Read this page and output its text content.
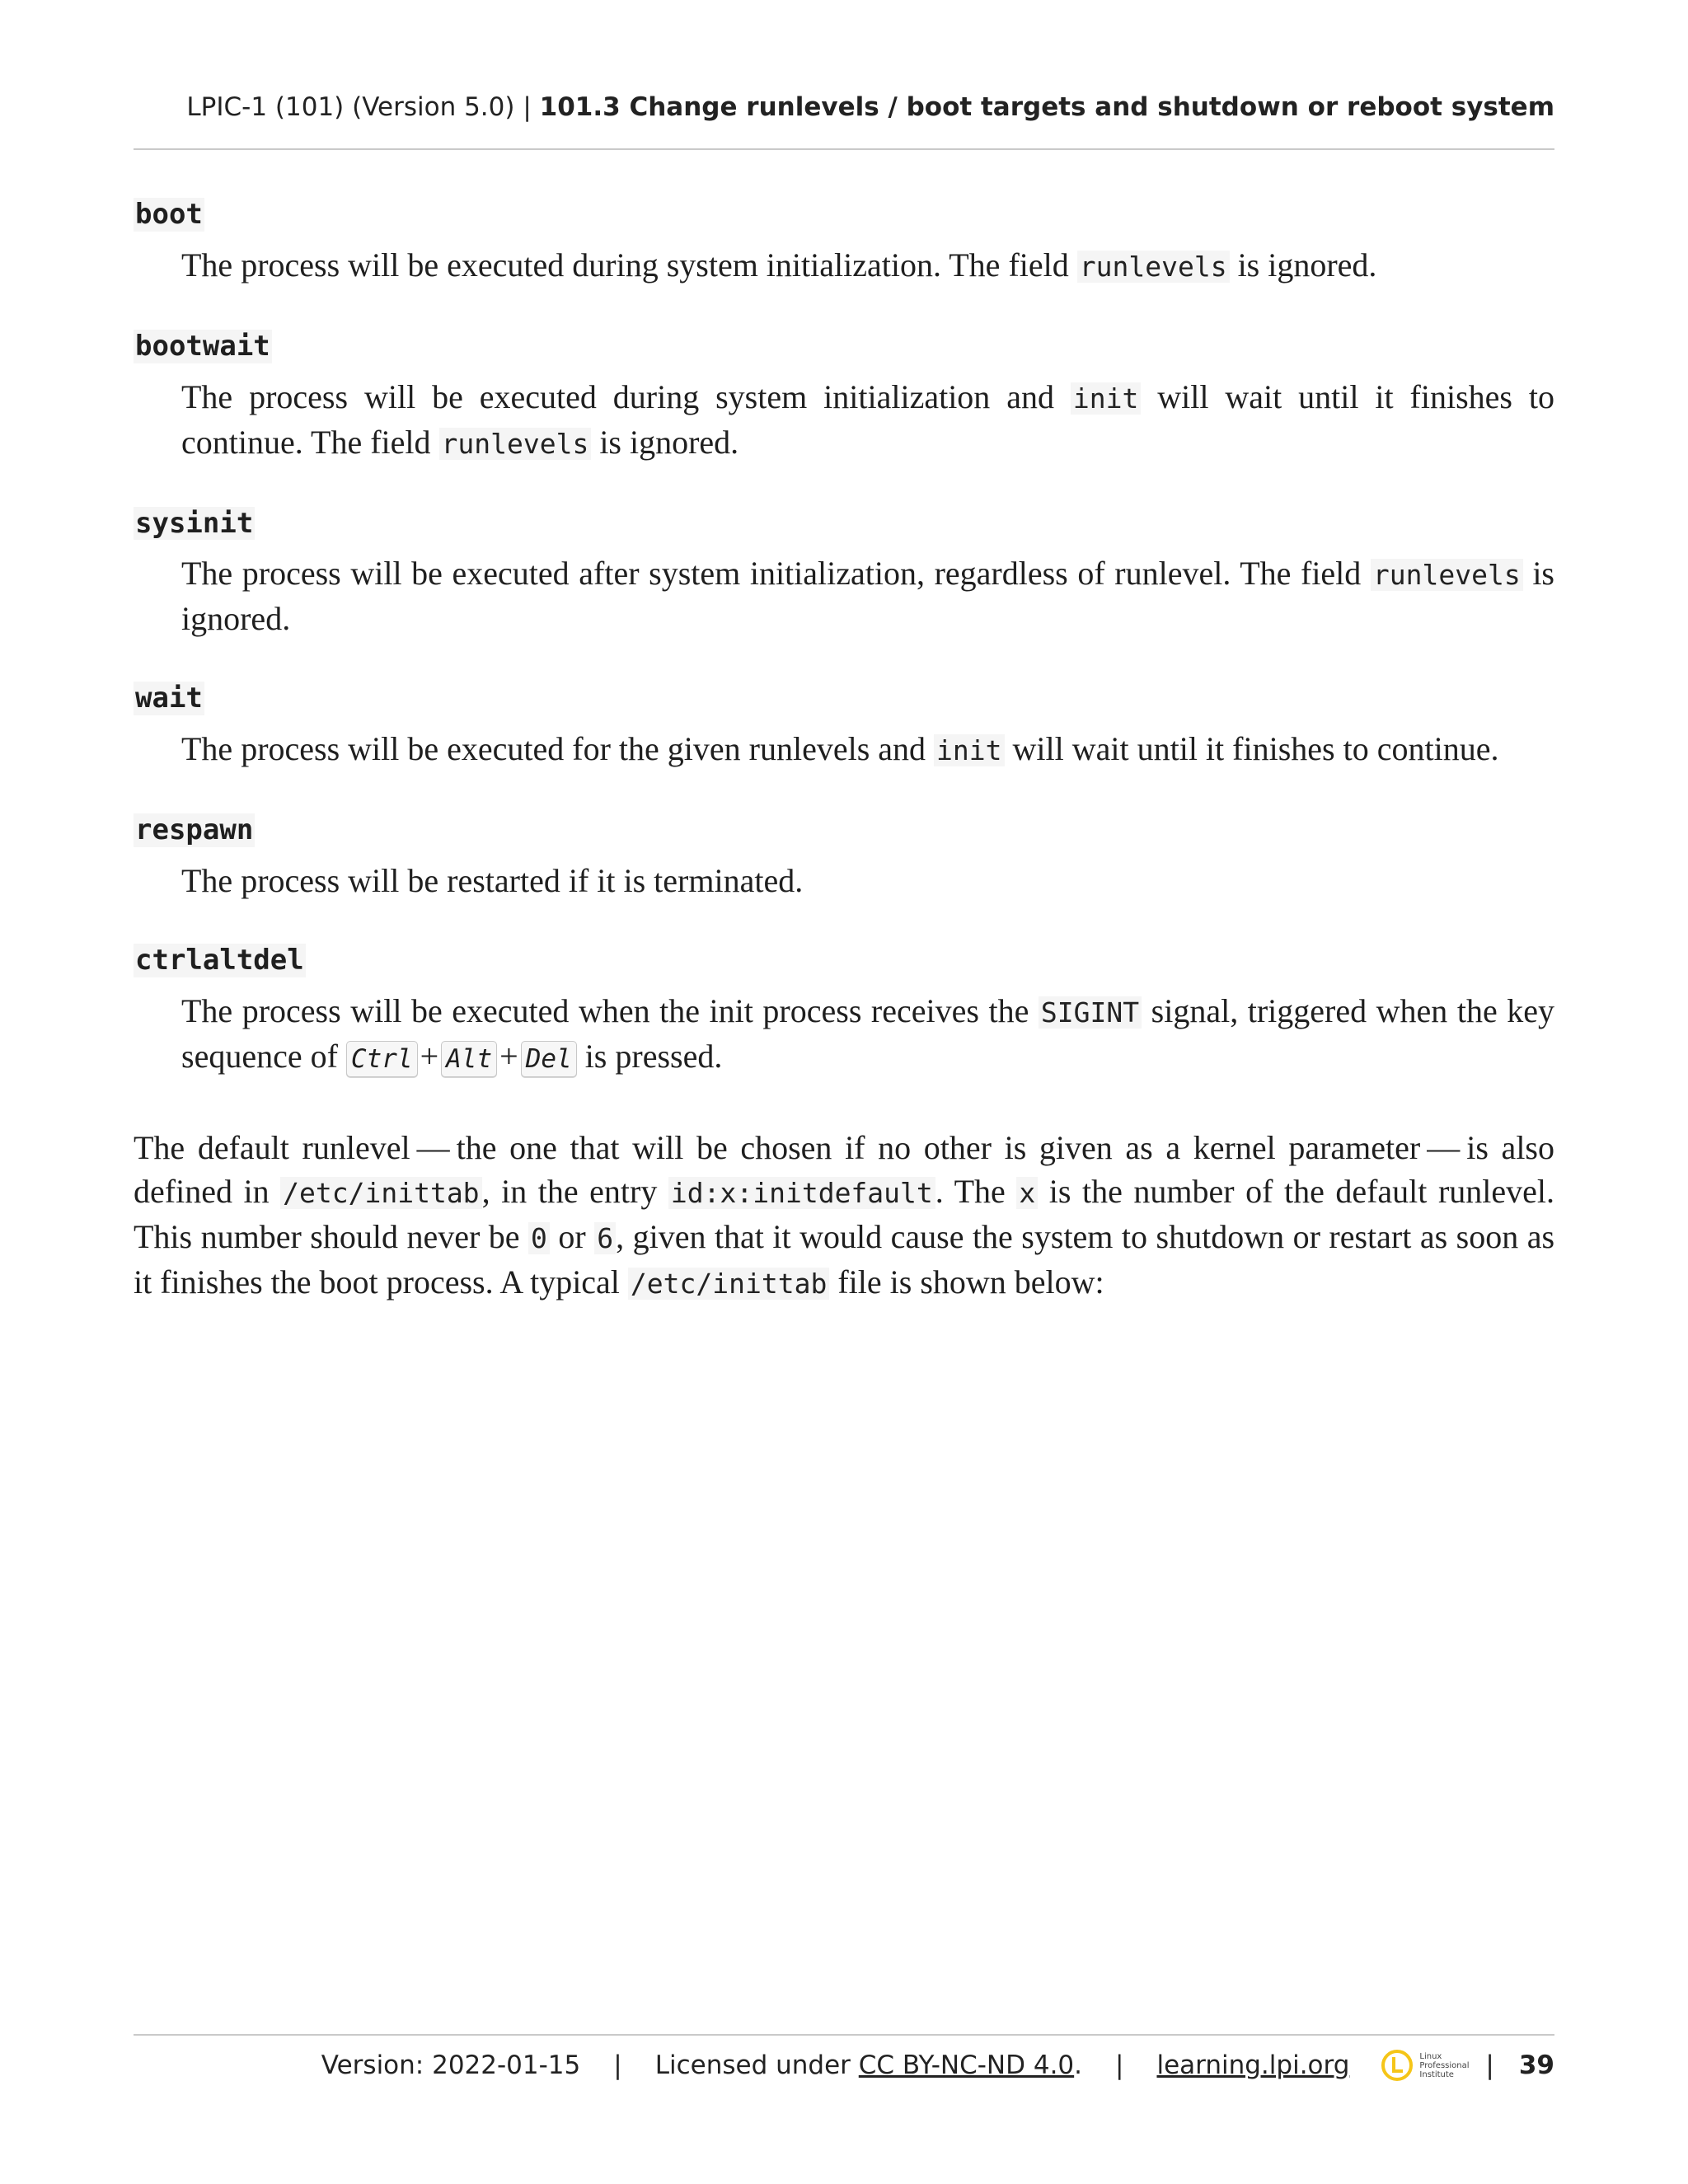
LPIC-1 (101) (Version 5.0) | 101.3 Change runlevels / boot targets and shutdown or reboot system
boot
The process will be executed during system initialization. The field runlevels is ignored.
bootwait
The process will be executed during system initialization and init will wait until it finishes to continue. The field runlevels is ignored.
sysinit
The process will be executed after system initialization, regardless of runlevel. The field runlevels is ignored.
wait
The process will be executed for the given runlevels and init will wait until it finishes to continue.
respawn
The process will be restarted if it is terminated.
ctrlaltdel
The process will be executed when the init process receives the SIGINT signal, triggered when the key sequence of Ctrl + Alt + Del is pressed.
The default runlevel — the one that will be chosen if no other is given as a kernel parameter — is also defined in /etc/inittab, in the entry id:x:initdefault. The x is the number of the default runlevel. This number should never be 0 or 6, given that it would cause the system to shutdown or restart as soon as it finishes the boot process. A typical /etc/inittab file is shown below:
Version: 2022-01-15 | Licensed under CC BY-NC-ND 4.0. | learning.lpi.org	Linux
Professional
Institute	| 39
